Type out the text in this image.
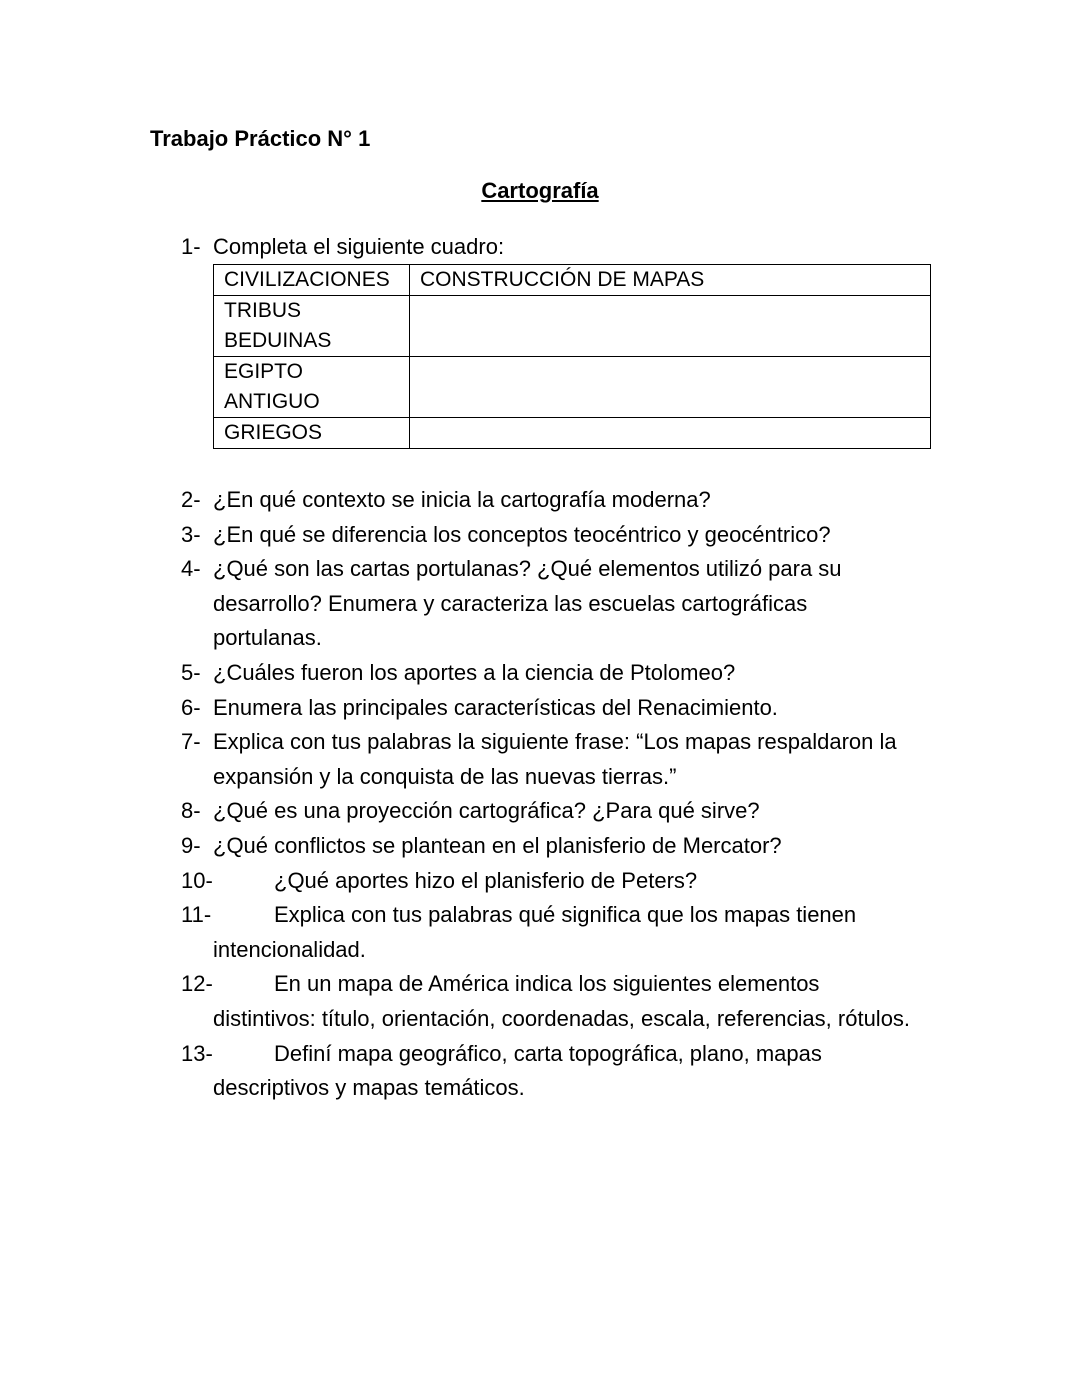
Trabajo Práctico N° 1
Cartografía
1- Completa el siguiente cuadro:
CIVILIZACIONES	CONSTRUCCIÓN DE MAPAS

TRIBUS
BEDUINAS	

EGIPTO
ANTIGUO	

GRIEGOS	

2- ¿En qué contexto se inicia la cartografía moderna?
3- ¿En qué se diferencia los conceptos teocéntrico y geocéntrico?
4- ¿Qué son las cartas portulanas? ¿Qué elementos utilizó para su desarrollo? Enumera y caracteriza las escuelas cartográficas portulanas.
5- ¿Cuáles fueron los aportes a la ciencia de Ptolomeo?
6- Enumera las principales características del Renacimiento.
7- Explica con tus palabras la siguiente frase: “Los mapas respaldaron la expansión y la conquista de las nuevas tierras.”
8- ¿Qué es una proyección cartográfica? ¿Para qué sirve?
9- ¿Qué conflictos se plantean en el planisferio de Mercator?
10-	¿Qué aportes hizo el planisferio de Peters?
11-	Explica con tus palabras qué significa que los mapas tienen intencionalidad.
12-	En un mapa de América indica los siguientes elementos distintivos: título, orientación, coordenadas, escala, referencias, rótulos.
13-	Definí mapa geográfico, carta topográfica, plano, mapas descriptivos y mapas temáticos.
